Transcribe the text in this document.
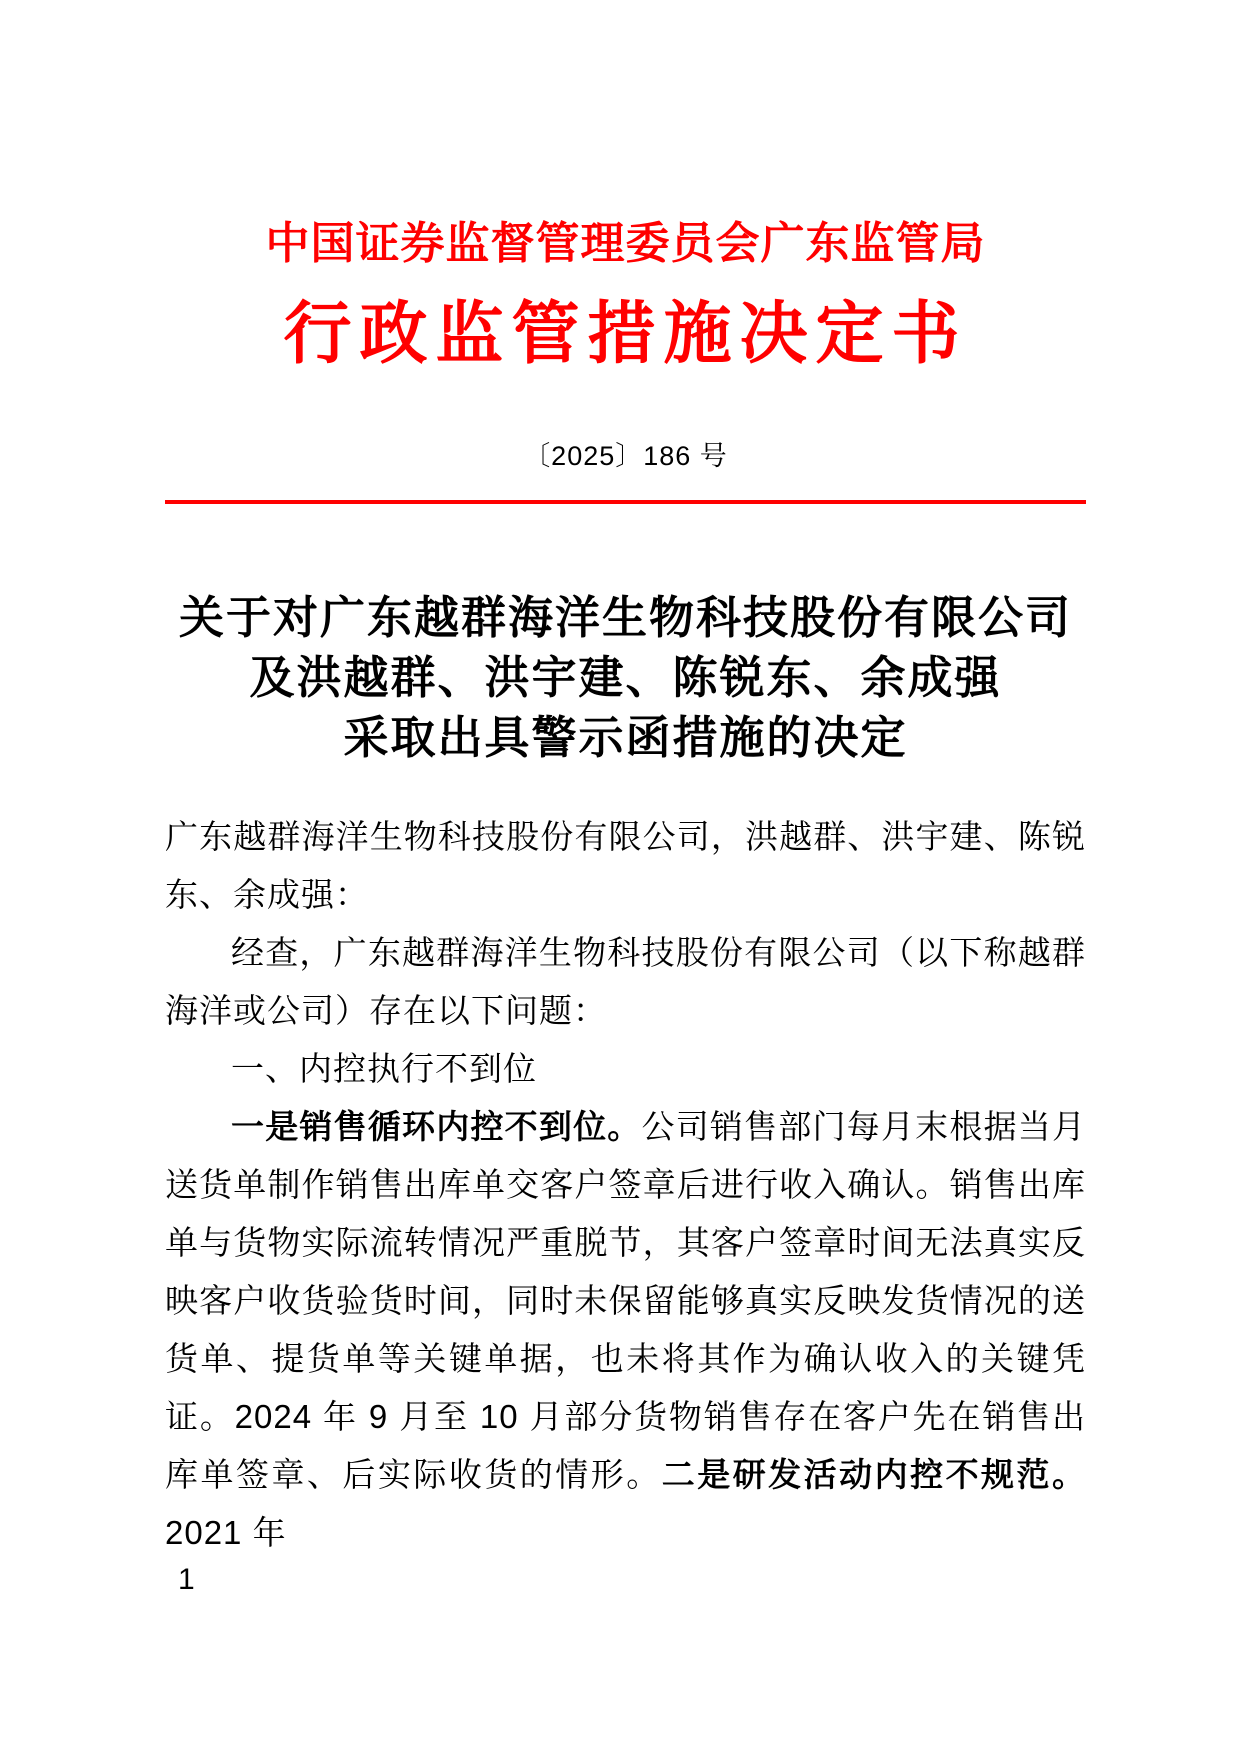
中国证券监督管理委员会广东监管局
行政监管措施决定书
〔2025〕186 号
关于对广东越群海洋生物科技股份有限公司
及洪越群、洪宇建、陈锐东、余成强
采取出具警示函措施的决定

广东越群海洋生物科技股份有限公司，洪越群、洪宇建、陈锐东、余成强：

经查，广东越群海洋生物科技股份有限公司（以下称越群海洋或公司）存在以下问题：

一、内控执行不到位

一是销售循环内控不到位。公司销售部门每月末根据当月送货单制作销售出库单交客户签章后进行收入确认。销售出库单与货物实际流转情况严重脱节，其客户签章时间无法真实反映客户收货验货时间，同时未保留能够真实反映发货情况的送货单、提货单等关键单据，也未将其作为确认收入的关键凭证。2024 年 9 月至 10 月部分货物销售存在客户先在销售出库单签章、后实际收货的情形。二是研发活动内控不规范。2021 年

1
